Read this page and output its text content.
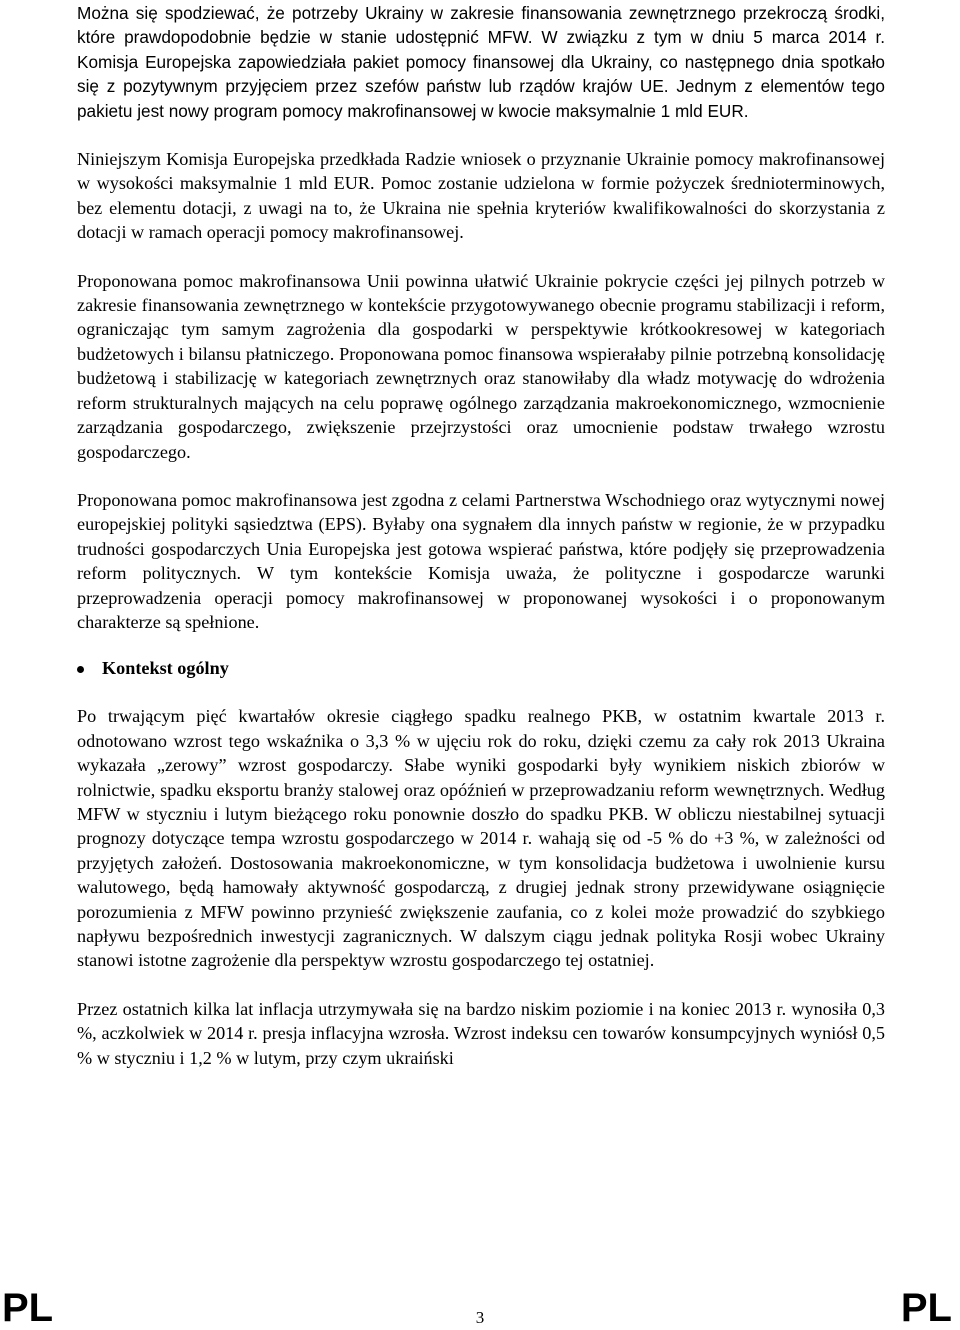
Można się spodziewać, że potrzeby Ukrainy w zakresie finansowania zewnętrznego przekroczą środki, które prawdopodobnie będzie w stanie udostępnić MFW. W związku z tym w dniu 5 marca 2014 r. Komisja Europejska zapowiedziała pakiet pomocy finansowej dla Ukrainy, co następnego dnia spotkało się z pozytywnym przyjęciem przez szefów państw lub rządów krajów UE. Jednym z elementów tego pakietu jest nowy program pomocy makrofinansowej w kwocie maksymalnie 1 mld EUR.

Niniejszym Komisja Europejska przedkłada Radzie wniosek o przyznanie Ukrainie pomocy makrofinansowej w wysokości maksymalnie 1 mld EUR. Pomoc zostanie udzielona w formie pożyczek średnioterminowych, bez elementu dotacji, z uwagi na to, że Ukraina nie spełnia kryteriów kwalifikowalności do skorzystania z dotacji w ramach operacji pomocy makrofinansowej.

Proponowana pomoc makrofinansowa Unii powinna ułatwić Ukrainie pokrycie części jej pilnych potrzeb w zakresie finansowania zewnętrznego w kontekście przygotowywanego obecnie programu stabilizacji i reform, ograniczając tym samym zagrożenia dla gospodarki w perspektywie krótkookresowej w kategoriach budżetowych i bilansu płatniczego. Proponowana pomoc finansowa wspierałaby pilnie potrzebną konsolidację budżetową i stabilizację w kategoriach zewnętrznych oraz stanowiłaby dla władz motywację do wdrożenia reform strukturalnych mających na celu poprawę ogólnego zarządzania makroekonomicznego, wzmocnienie zarządzania gospodarczego, zwiększenie przejrzystości oraz umocnienie podstaw trwałego wzrostu gospodarczego.

Proponowana pomoc makrofinansowa jest zgodna z celami Partnerstwa Wschodniego oraz wytycznymi nowej europejskiej polityki sąsiedztwa (EPS). Byłaby ona sygnałem dla innych państw w regionie, że w przypadku trudności gospodarczych Unia Europejska jest gotowa wspierać państwa, które podjęły się przeprowadzenia reform politycznych. W tym kontekście Komisja uważa, że polityczne i gospodarcze warunki przeprowadzenia operacji pomocy makrofinansowej w proponowanej wysokości i o proponowanym charakterze są spełnione.

Kontekst ogólny

Po trwającym pięć kwartałów okresie ciągłego spadku realnego PKB, w ostatnim kwartale 2013 r. odnotowano wzrost tego wskaźnika o 3,3 % w ujęciu rok do roku, dzięki czemu za cały rok 2013 Ukraina wykazała „zerowy” wzrost gospodarczy. Słabe wyniki gospodarki były wynikiem niskich zbiorów w rolnictwie, spadku eksportu branży stalowej oraz opóźnień w przeprowadzaniu reform wewnętrznych. Według MFW w styczniu i lutym bieżącego roku ponownie doszło do spadku PKB. W obliczu niestabilnej sytuacji prognozy dotyczące tempa wzrostu gospodarczego w 2014 r. wahają się od -5 % do +3 %, w zależności od przyjętych założeń. Dostosowania makroekonomiczne, w tym konsolidacja budżetowa i uwolnienie kursu walutowego, będą hamowały aktywność gospodarczą, z drugiej jednak strony przewidywane osiągnięcie porozumienia z MFW powinno przynieść zwiększenie zaufania, co z kolei może prowadzić do szybkiego napływu bezpośrednich inwestycji zagranicznych. W dalszym ciągu jednak polityka Rosji wobec Ukrainy stanowi istotne zagrożenie dla perspektyw wzrostu gospodarczego tej ostatniej.

Przez ostatnich kilka lat inflacja utrzymywała się na bardzo niskim poziomie i na koniec 2013 r. wynosiła 0,3 %, aczkolwiek w 2014 r. presja inflacyjna wzrosła. Wzrost indeksu cen towarów konsumpcyjnych wyniósł 0,5 % w styczniu i 1,2 % w lutym, przy czym ukraiński

PL	3	PL
